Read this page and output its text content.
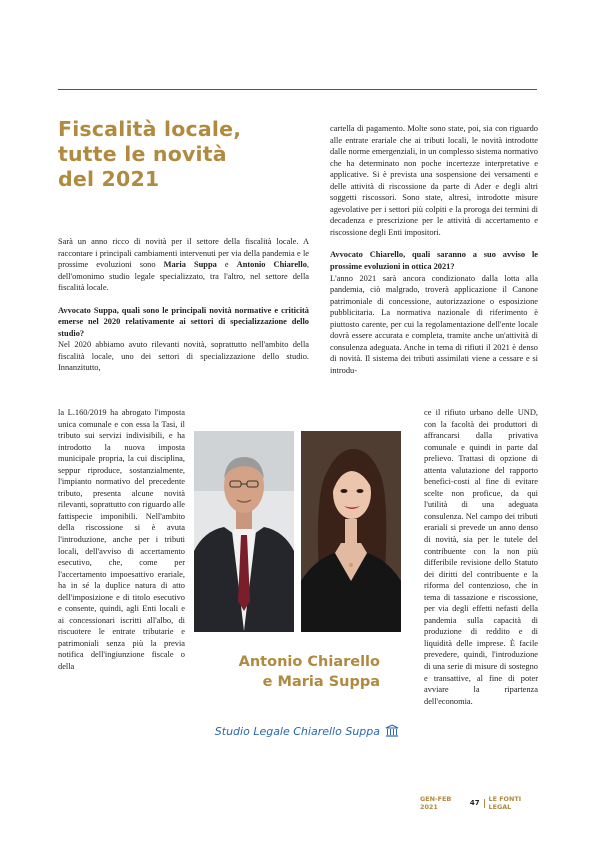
Fiscalità locale,
tutte le novità
del 2021

Sarà un anno ricco di novità per il settore della fiscalità locale. A raccontare i principali cambiamenti intervenuti per via della pandemia e le prossime evoluzioni sono Maria Suppa e Antonio Chiarello, dell'omonimo studio legale specializzato, tra l'altro, nel settore della fiscalità locale.

Avvocato Suppa, quali sono le principali novità normative e criticità emerse nel 2020 relativamente ai settori di specializzazione dello studio?

Nel 2020 abbiamo avuto rilevanti novità, soprattutto nell'ambito della fiscalità locale, uno dei settori di specializzazione dello studio. Innanzitutto,

la L.160/2019 ha abrogato l'imposta unica comunale e con essa la Tasi, il tributo sui servizi indivisibili, e ha introdotto la nuova imposta municipale propria, la cui disciplina, seppur riproduce, sostanzialmente, l'impianto normativo del precedente tributo, presenta alcune novità rilevanti, soprattutto con riguardo alle fattispecie imponibili. Nell'ambito della riscossione si è avuta l'introduzione, anche per i tributi locali, dell'avviso di accertamento esecutivo, che, come per l'accertamento impoesattivo erariale, ha in sé la duplice natura di atto dell'imposizione e di titolo esecutivo e consente, quindi, agli Enti locali e ai concessionari iscritti all'albo, di riscuotere le entrate tributarie e patrimoniali senza più la previa notifica dell'ingiunzione fiscale o della

cartella di pagamento. Molte sono state, poi, sia con riguardo alle entrate erariale che ai tributi locali, le novità introdotte dalle norme emergenziali, in un complesso sistema normativo che ha determinato non poche incertezze interpretative e applicative. Si è prevista una sospensione dei versamenti e delle attività di riscossione da parte di Ader e degli altri soggetti riscossori. Sono state, altresì, introdotte misure agevolative per i settori più colpiti e la proroga dei termini di decadenza e prescrizione per le attività di accertamento e riscossione degli Enti impositori.

Avvocato Chiarello, quali saranno a suo avviso le prossime evoluzioni in ottica 2021?

L'anno 2021 sarà ancora condizionato dalla lotta alla pandemia, ciò malgrado, troverà applicazione il Canone patrimoniale di concessione, autorizzazione o esposizione pubblicitaria. La normativa nazionale di riferimento è piuttosto carente, per cui la regolamentazione dell'ente locale dovrà essere accurata e completa, tramite anche un'attività di consulenza adeguata. Anche in tema di rifiuti il 2021 è denso di novità. Il sistema dei tributi assimilati viene a cessare e si introdu-

ce il rifiuto urbano delle UND, con la facoltà dei produttori di affrancarsi dalla privativa comunale e quindi in parte dal prelievo. Trattasi di opzione di attenta valutazione del rapporto benefici-costi al fine di evitare scelte non proficue, da qui l'utilità di una adeguata consulenza. Nel campo dei tributi erariali si prevede un anno denso di novità, sia per le tutele del contribuente con la non più differibile revisione dello Statuto dei diritti del contribuente e la riforma del contenzioso, che in tema di tassazione e riscossione, per via degli effetti nefasti della pandemia sulla capacità di produzione di reddito e di liquidità delle imprese. È facile prevedere, quindi, l'introduzione di una serie di misure di sostegno e transattive, al fine di poter avviare la ripartenza dell'economia.

Antonio Chiarello
e Maria Suppa
Studio Legale Chiarello Suppa
GEN-FEB 2021	47 LE FONTI LEGAL
